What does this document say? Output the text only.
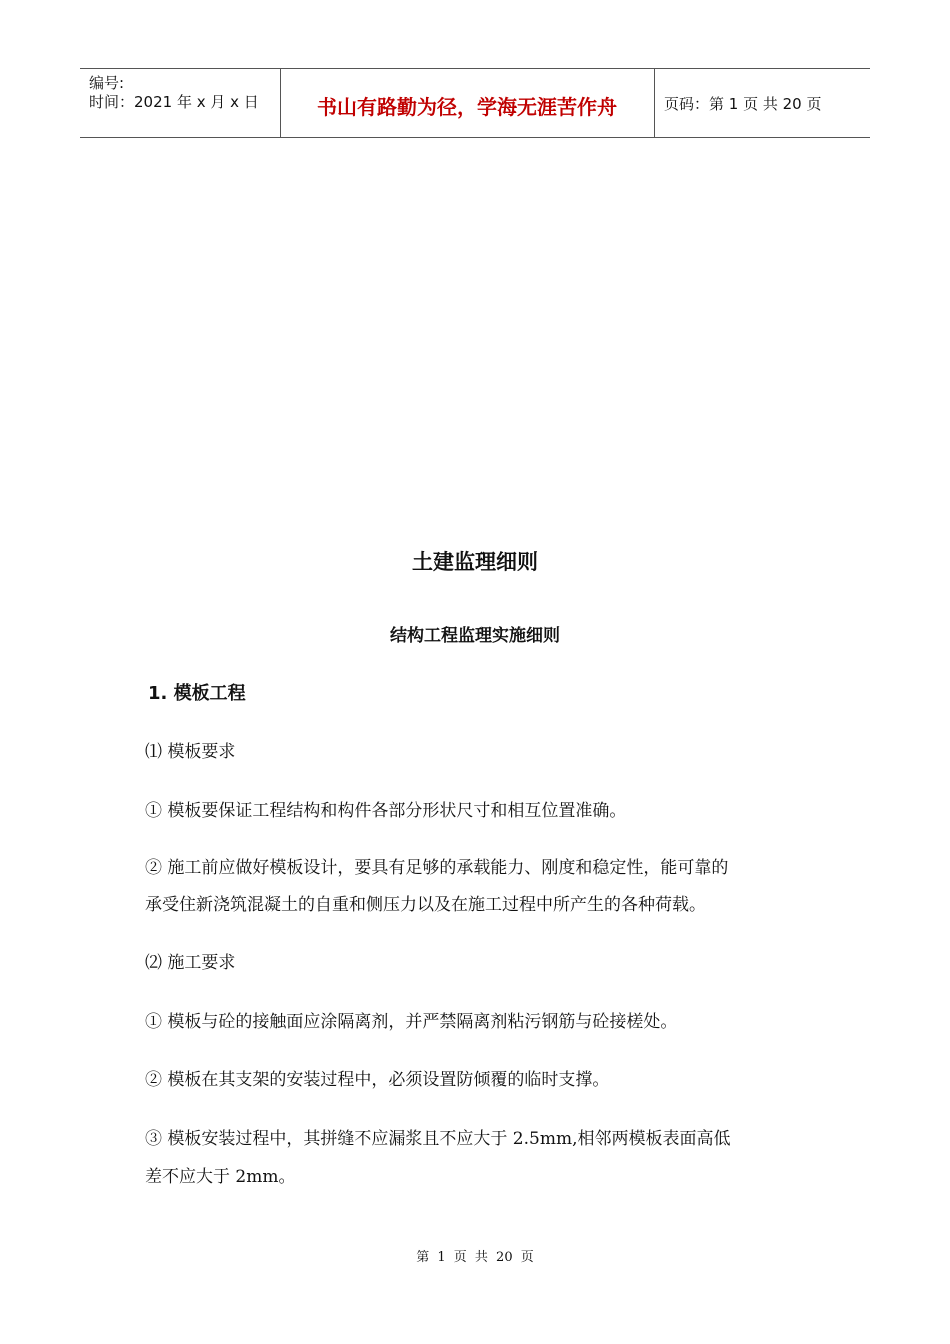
编号:
时间：2021 年 x 月 x 日	书山有路勤为径，学海无涯苦作舟	页码：第 1 页 共 20 页
土建监理细则
结构工程监理实施细则
1. 模板工程
⑴ 模板要求
① 模板要保证工程结构和构件各部分形状尺寸和相互位置准确。
② 施工前应做好模板设计，要具有足够的承载能力、刚度和稳定性，能可靠的
承受住新浇筑混凝土的自重和侧压力以及在施工过程中所产生的各种荷载。
⑵ 施工要求
① 模板与砼的接触面应涂隔离剂，并严禁隔离剂粘污钢筋与砼接槎处。
② 模板在其支架的安装过程中，必须设置防倾覆的临时支撑。
③ 模板安装过程中，其拼缝不应漏浆且不应大于 2.5mm,相邻两模板表面高低
差不应大于 2mm。
第 1 页 共 20 页
